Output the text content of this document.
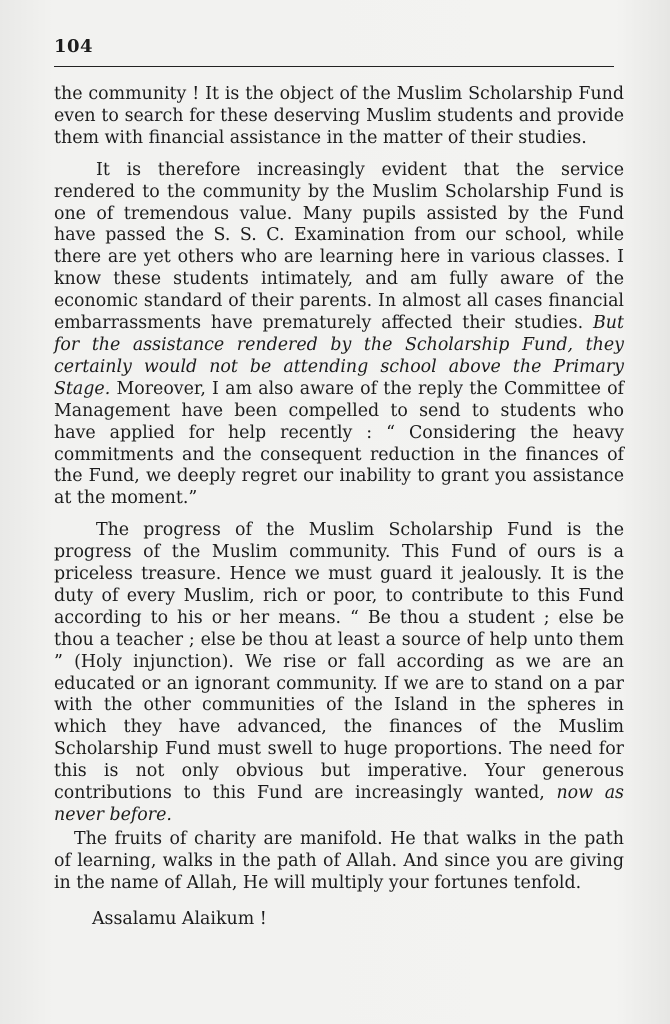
104

the community ! It is the object of the Muslim Scholarship Fund even to search for these deserving Muslim students and provide them with financial assistance in the matter of their studies.

It is therefore increasingly evident that the service rendered to the community by the Muslim Scholarship Fund is one of tremendous value. Many pupils assisted by the Fund have passed the S. S. C. Examination from our school, while there are yet others who are learning here in various classes. I know these students intimately, and am fully aware of the economic standard of their parents. In almost all cases financial embarrassments have prematurely affected their studies. But for the assistance rendered by the Scholarship Fund, they certainly would not be attending school above the Primary Stage. Moreover, I am also aware of the reply the Committee of Management have been compelled to send to students who have applied for help recently : “ Considering the heavy commitments and the consequent reduction in the finances of the Fund, we deeply regret our inability to grant you assistance at the moment.”

The progress of the Muslim Scholarship Fund is the progress of the Muslim community. This Fund of ours is a priceless treasure. Hence we must guard it jealously. It is the duty of every Muslim, rich or poor, to contribute to this Fund according to his or her means. “ Be thou a student ; else be thou a teacher ; else be thou at least a source of help unto them ” (Holy injunction). We rise or fall according as we are an educated or an ignorant community. If we are to stand on a par with the other communities of the Island in the spheres in which they have advanced, the finances of the Muslim Scholarship Fund must swell to huge proportions. The need for this is not only obvious but imperative. Your generous contributions to this Fund are increasingly wanted, now as never before.

The fruits of charity are manifold. He that walks in the path of learning, walks in the path of Allah. And since you are giving in the name of Allah, He will multiply your fortunes tenfold.

Assalamu Alaikum !
